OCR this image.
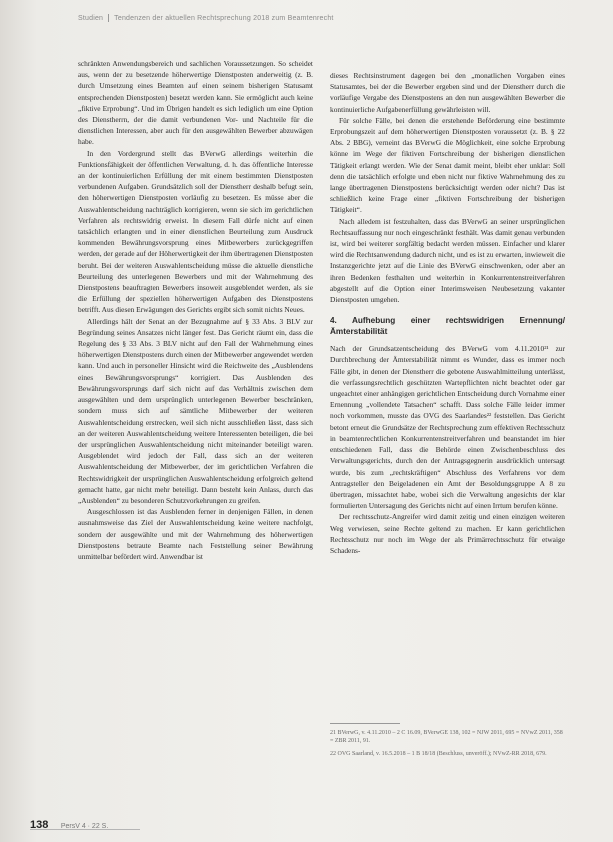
Studien Tendenzen der aktuellen Rechtsprechung 2018 zum Beamtenrecht

schränkten Anwendungsbereich und sachlichen Voraussetzungen. So scheidet aus, wenn der zu besetzende höherwertige Dienstposten anderweitig (z. B. durch Umsetzung eines Beamten auf einen seinem bisherigen Statusamt entsprechenden Dienstposten) besetzt werden kann. Sie ermöglicht auch keine „fiktive Erprobung“. Und im Übrigen handelt es sich lediglich um eine Option des Dienstherrn, der die damit verbundenen Vor- und Nachteile für die dienstlichen Interessen, aber auch für den ausgewählten Bewerber abzuwägen habe.

In den Vordergrund stellt das BVerwG allerdings weiterhin die Funktionsfähigkeit der öffentlichen Verwaltung, d. h. das öffentliche Interesse an der kontinuierlichen Erfüllung der mit einem bestimmten Dienstposten verbundenen Aufgaben. Grundsätzlich soll der Dienstherr deshalb befugt sein, den höherwertigen Dienstposten vorläufig zu besetzen. Es müsse aber die Auswahlentscheidung nachträglich korrigieren, wenn sie sich im gerichtlichen Verfahren als rechtswidrig erweist. In diesem Fall dürfe nicht auf einen tatsächlich erlangten und in einer dienstlichen Beurteilung zum Ausdruck kommenden Bewährungsvorsprung eines Mitbewerbers zurückgegriffen werden, der gerade auf der Höherwertigkeit der ihm übertragenen Dienstposten beruht. Bei der weiteren Auswahlentscheidung müsse die aktuelle dienstliche Beurteilung des unterlegenen Bewerbers und mit der Wahrnehmung des Dienstpostens beauftragten Bewerbers insoweit ausgeblendet werden, als sie die Erfüllung der speziellen höherwertigen Aufgaben des Dienstpostens betrifft. Aus diesen Erwägungen des Gerichts ergibt sich somit nichts Neues.

Allerdings hält der Senat an der Bezugnahme auf § 33 Abs. 3 BLV zur Begründung seines Ansatzes nicht länger fest. Das Gericht räumt ein, dass die Regelung des § 33 Abs. 3 BLV nicht auf den Fall der Wahrnehmung eines höherwertigen Dienstpostens durch einen der Mitbewerber angewendet werden kann. Und auch in personeller Hinsicht wird die Reichweite des „Ausblendens eines Bewährungsvorsprungs“ korrigiert. Das Ausblenden des Bewährungsvorsprungs darf sich nicht auf das Verhältnis zwischen dem ausgewählten und dem ursprünglich unterlegenen Bewerber beschränken, sondern muss sich auf sämtliche Mitbewerber der weiteren Auswahlentscheidung erstrecken, weil sich nicht ausschließen lässt, dass sich an der weiteren Auswahlentscheidung weitere Interessenten beteiligen, die bei der ursprünglichen Auswahlentscheidung nicht miteinander beteiligt waren. Ausgeblendet wird jedoch der Fall, dass sich an der weiteren Auswahlentscheidung der Mitbewerber, der im gerichtlichen Verfahren die Rechtswidrigkeit der ursprünglichen Auswahlentscheidung erfolgreich geltend gemacht hatte, gar nicht mehr beteiligt. Dann besteht kein Anlass, durch das „Ausblenden“ zu besonderen Schutzvorkehrungen zu greifen.

Ausgeschlossen ist das Ausblenden ferner in denjenigen Fällen, in denen ausnahmsweise das Ziel der Auswahlentscheidung keine weitere nachfolgt, sondern der ausgewählte und mit der Wahrnehmung des höherwertigen Dienstpostens betraute Beamte nach Feststellung seiner Bewährung unmittelbar befördert wird. Anwendbar ist

dieses Rechtsinstrument dagegen bei den „monatlichen Vorgaben eines Statusamtes, bei der die Bewerber ergeben sind und der Dienstherr durch die vorläufige Vergabe des Dienstpostens an den nun ausgewählten Bewerber die kontinuierliche Aufgabenerfüllung gewährleisten will.

Für solche Fälle, bei denen die erstehende Beförderung eine bestimmte Erprobungszeit auf dem höherwertigen Dienstposten voraussetzt (z. B. § 22 Abs. 2 BBG), verneint das BVerwG die Möglichkeit, eine solche Erprobung könne im Wege der fiktiven Fortschreibung der bisherigen dienstlichen Tätigkeit erlangt werden. Wie der Senat damit meint, bleibt eher unklar: Soll denn die tatsächlich erfolgte und eben nicht nur fiktive Wahrnehmung des zu lange übertragenen Dienstpostens berücksichtigt werden oder nicht? Das ist schließlich keine Frage einer „fiktiven Fortschreibung der bisherigen Tätigkeit“.

Nach alledem ist festzuhalten, dass das BVerwG an seiner ursprünglichen Rechtsauffassung nur noch eingeschränkt festhält. Was damit genau verbunden ist, wird bei weiterer sorgfältig bedacht werden müssen. Einfacher und klarer wird die Rechtsanwendung dadurch nicht, und es ist zu erwarten, inwieweit die Instanzgerichte jetzt auf die Linie des BVerwG einschwenken, oder aber an ihren Bedenken festhalten und weiterhin in Konkurrentenstreitverfahren abgestellt auf die Option einer Interimsweisen Neubesetzung vakanter Dienstposten umgehen.

4. Aufhebung einer rechtswidrigen Ernennung/ Ämterstabilität

Nach der Grundsatzentscheidung des BVerwG vom 4.11.2010²¹ zur Durchbrechung der Ämterstabilität nimmt es Wunder, dass es immer noch Fälle gibt, in denen der Dienstherr die gebotene Auswahlmitteilung unterlässt, die verfassungsrechtlich geschützten Wartepflichten nicht beachtet oder gar ungeachtet einer anhängigen gerichtlichen Entscheidung durch Vornahme einer Ernennung „vollendete Tatsachen“ schafft. Dass solche Fälle leider immer noch vorkommen, musste das OVG des Saarlandes²² feststellen. Das Gericht betont erneut die Grundsätze der Rechtsprechung zum effektiven Rechtsschutz in beamtenrechtlichen Konkurrentenstreitverfahren und beanstandet im hier entschiedenen Fall, dass die Behörde einen Zwischenbeschluss des Verwaltungsgerichts, durch den der Antragsgegnerin ausdrücklich untersagt wurde, bis zum „rechtskräftigen“ Abschluss des Verfahrens vor dem Antragsteller den Beigeladenen ein Amt der Besoldungsgruppe A 8 zu übertragen, missachtet habe, wobei sich die Verwaltung angesichts der klar formulierten Untersagung des Gerichts nicht auf einen Irrtum berufen könne.

Der rechtsschutz-Angreifer wird damit zeitig und einen einzigen weiteren Weg verwiesen, seine Rechte geltend zu machen. Er kann gerichtlichen Rechtsschutz nur noch im Wege der als Primärrechtsschutz für etwaige Schadens-

21 BVerwG, v. 4.11.2010 – 2 C 16.09, BVerwGE 138, 102 = NJW 2011, 695 = NVwZ 2011, 358 = ZBR 2011, 91.

22 OVG Saarland, v. 16.5.2018 – 1 B 18/18 (Beschluss, unveröff.); NVwZ-RR 2018, 679.

138 PersV 4 · 22 S.
